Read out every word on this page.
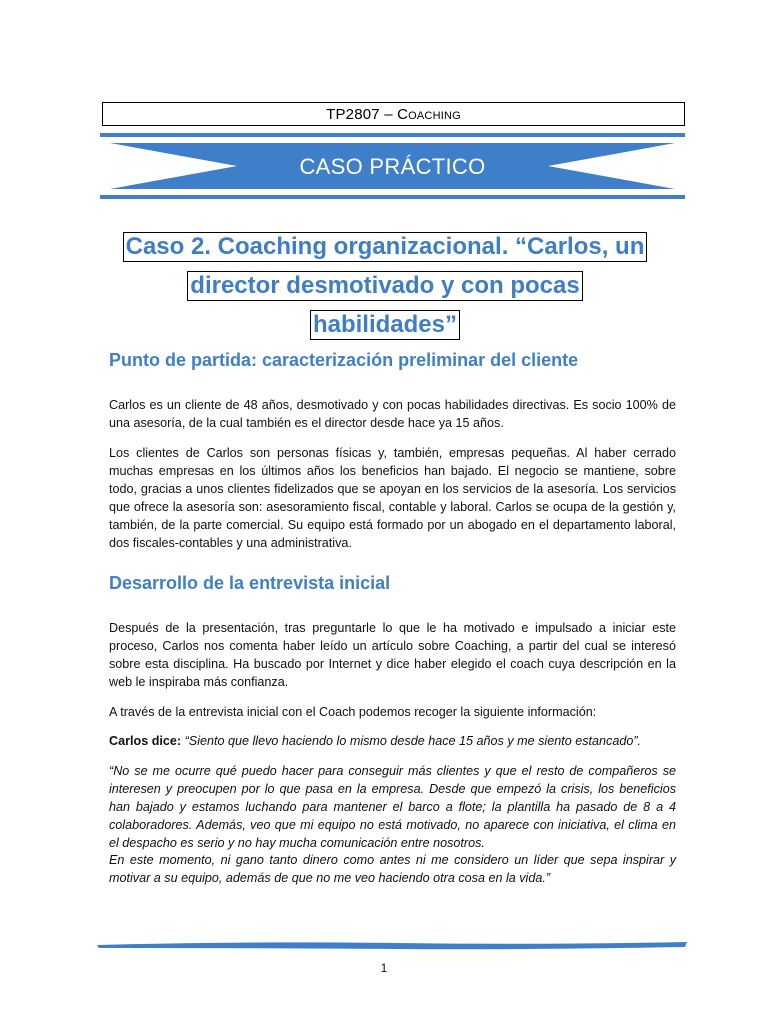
TP2807 – Coaching
CASO PRÁCTICO
Caso 2. Coaching organizacional. “Carlos, un
director desmotivado y con pocas
habilidades”
Punto de partida: caracterización preliminar del cliente

Carlos es un cliente de 48 años, desmotivado y con pocas habilidades directivas. Es socio 100% de una asesoría, de la cual también es el director desde hace ya 15 años.

Los clientes de Carlos son personas físicas y, también, empresas pequeñas. Al haber cerrado muchas empresas en los últimos años los beneficios han bajado. El negocio se mantiene, sobre todo, gracias a unos clientes fidelizados que se apoyan en los servicios de la asesoría. Los servicios que ofrece la asesoría son: asesoramiento fiscal, contable y laboral. Carlos se ocupa de la gestión y, también, de la parte comercial. Su equipo está formado por un abogado en el departamento laboral, dos fiscales-contables y una administrativa.

Desarrollo de la entrevista inicial

Después de la presentación, tras preguntarle lo que le ha motivado e impulsado a iniciar este proceso, Carlos nos comenta haber leído un artículo sobre Coaching, a partir del cual se interesó sobre esta disciplina. Ha buscado por Internet y dice haber elegido el coach cuya descripción en la web le inspiraba más confianza.

A través de la entrevista inicial con el Coach podemos recoger la siguiente información:

Carlos dice: “Siento que llevo haciendo lo mismo desde hace 15 años y me siento estancado”.

“No se me ocurre qué puedo hacer para conseguir más clientes y que el resto de compañeros se interesen y preocupen por lo que pasa en la empresa. Desde que empezó la crisis, los beneficios han bajado y estamos luchando para mantener el barco a flote; la plantilla ha pasado de 8 a 4 colaboradores. Además, veo que mi equipo no está motivado, no aparece con iniciativa, el clima en el despacho es serio y no hay mucha comunicación entre nosotros.

En este momento, ni gano tanto dinero como antes ni me considero un líder que sepa inspirar y motivar a su equipo, además de que no me veo haciendo otra cosa en la vida.”

1
